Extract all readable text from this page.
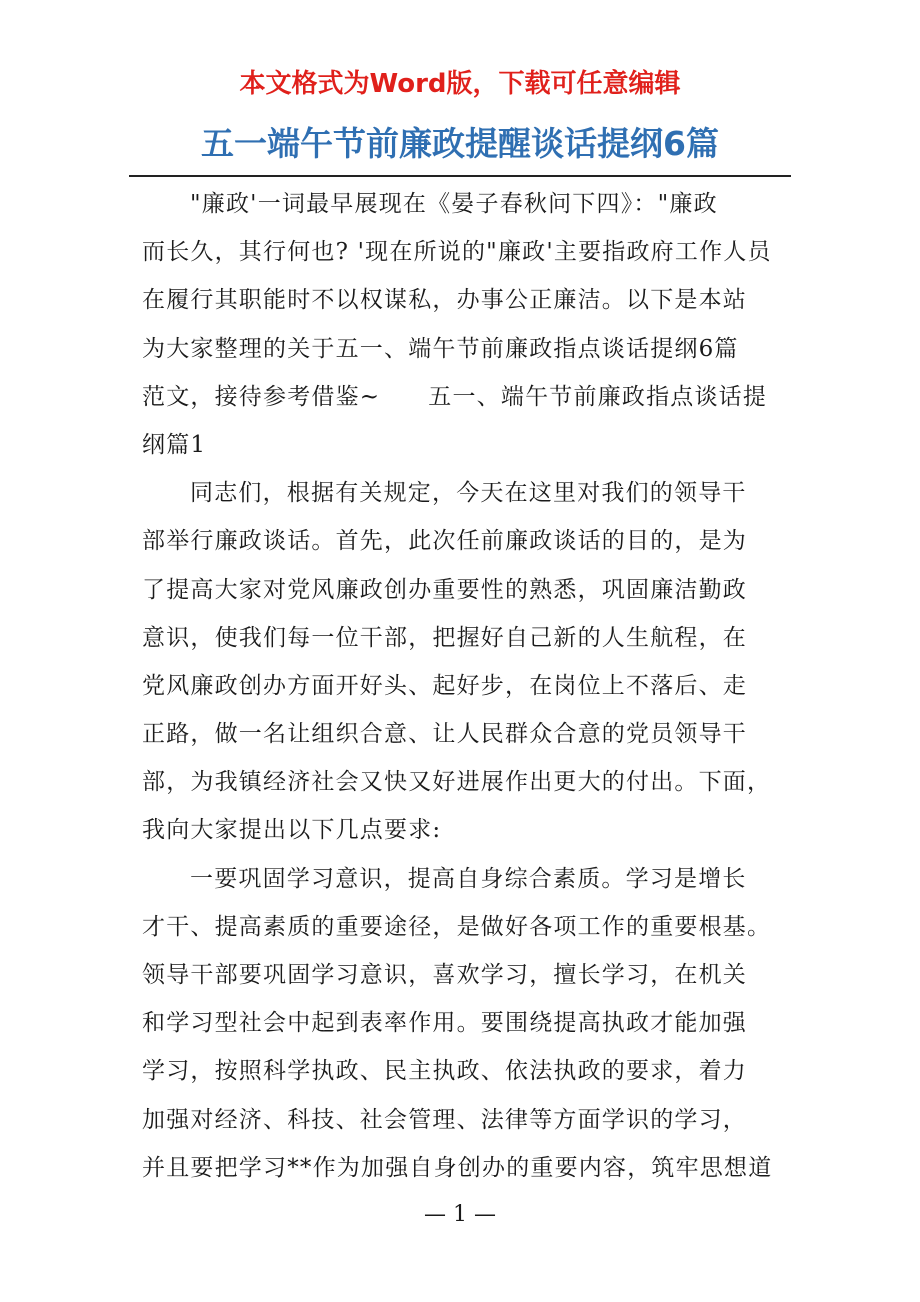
本文格式为Word版，下载可任意编辑
五一端午节前廉政提醒谈话提纲6篇
"廉政'一词最早展现在《晏子春秋问下四》："廉政
而长久，其行何也? '现在所说的"廉政'主要指政府工作人员
在履行其职能时不以权谋私，办事公正廉洁。以下是本站
为大家整理的关于五一、端午节前廉政指点谈话提纲6篇
范文，接待参考借鉴~ 五一、端午节前廉政指点谈话提
纲篇1
同志们，根据有关规定，今天在这里对我们的领导干
部举行廉政谈话。首先，此次任前廉政谈话的目的，是为
了提高大家对党风廉政创办重要性的熟悉，巩固廉洁勤政
意识，使我们每一位干部，把握好自己新的人生航程，在
党风廉政创办方面开好头、起好步，在岗位上不落后、走
正路，做一名让组织合意、让人民群众合意的党员领导干
部，为我镇经济社会又快又好进展作出更大的付出。下面，
我向大家提出以下几点要求:
一要巩固学习意识，提高自身综合素质。学习是增长
才干、提高素质的重要途径，是做好各项工作的重要根基。
领导干部要巩固学习意识，喜欢学习，擅长学习，在机关
和学习型社会中起到表率作用。要围绕提高执政才能加强
学习，按照科学执政、民主执政、依法执政的要求，着力
加强对经济、科技、社会管理、法律等方面学识的学习，
并且要把学习**作为加强自身创办的重要内容，筑牢思想道
— 1 —
